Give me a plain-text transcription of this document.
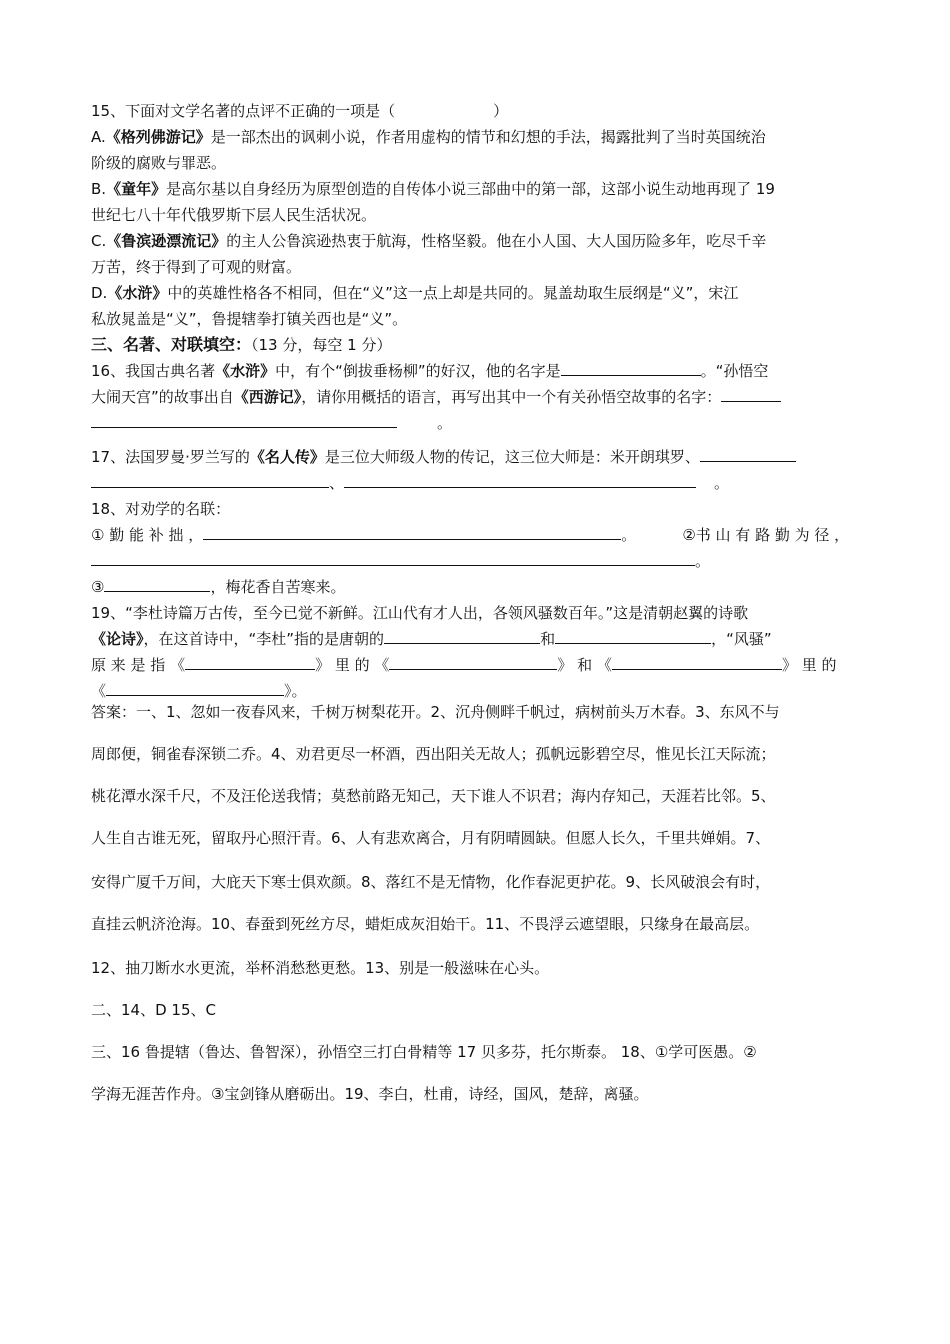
15、下面对文学名著的点评不正确的一项是（	）
A.《格列佛游记》是一部杰出的讽刺小说，作者用虚构的情节和幻想的手法，揭露批判了当时英国统治
阶级的腐败与罪恶。
B.《童年》是高尔基以自身经历为原型创造的自传体小说三部曲中的第一部，这部小说生动地再现了 19
世纪七八十年代俄罗斯下层人民生活状况。
C.《鲁滨逊漂流记》的主人公鲁滨逊热衷于航海，性格坚毅。他在小人国、大人国历险多年，吃尽千辛
万苦，终于得到了可观的财富。
D.《水浒》中的英雄性格各不相同，但在“义”这一点上却是共同的。晁盖劫取生辰纲是“义”，宋江
私放晁盖是“义”，鲁提辖拳打镇关西也是“义”。
三、名著、对联填空：（13 分，每空 1 分）
16、我国古典名著《水浒》中，有个“倒拔垂杨柳”的好汉，他的名字是	。“孙悟空
大闹天宫”的故事出自《西游记》，请你用概括的语言，再写出其中一个有关孙悟空故事的名字：
。
17、法国罗曼·罗兰写的《名人传》是三位大师级人物的传记，这三位大师是：米开朗琪罗、
、	。
18、对劝学的名联：
① 勤 能 补 拙 ，	。	②书 山 有 路 勤 为 径 ，
。
③	，梅花香自苦寒来。
19、“李杜诗篇万古传，至今已觉不新鲜。江山代有才人出，各领风骚数百年。”这是清朝赵翼的诗歌
《论诗》，在这首诗中，“李杜”指的是唐朝的	和	，“风骚”
原 来 是 指 《	》 里 的 《	》 和 《	》 里 的
《	》。
答案：一、1、忽如一夜春风来，千树万树梨花开。2、沉舟侧畔千帆过，病树前头万木春。3、东风不与
周郎便，铜雀春深锁二乔。4、劝君更尽一杯酒，西出阳关无故人；孤帆远影碧空尽，惟见长江天际流；
桃花潭水深千尺，不及汪伦送我情；莫愁前路无知己，天下谁人不识君；海内存知己，天涯若比邻。5、
人生自古谁无死，留取丹心照汗青。6、人有悲欢离合，月有阴晴圆缺。但愿人长久，千里共婵娟。7、
安得广厦千万间，大庇天下寒士俱欢颜。8、落红不是无情物，化作春泥更护花。9、长风破浪会有时，
直挂云帆济沧海。10、春蚕到死丝方尽，蜡炬成灰泪始干。11、不畏浮云遮望眼，只缘身在最高层。
12、抽刀断水水更流，举杯消愁愁更愁。13、别是一般滋味在心头。
二、14、D 15、C
三、16 鲁提辖（鲁达、鲁智深），孙悟空三打白骨精等 17 贝多芬，托尔斯泰。 18、①学可医愚。②
学海无涯苦作舟。③宝剑锋从磨砺出。19、李白，杜甫，诗经，国风，楚辞，离骚。
